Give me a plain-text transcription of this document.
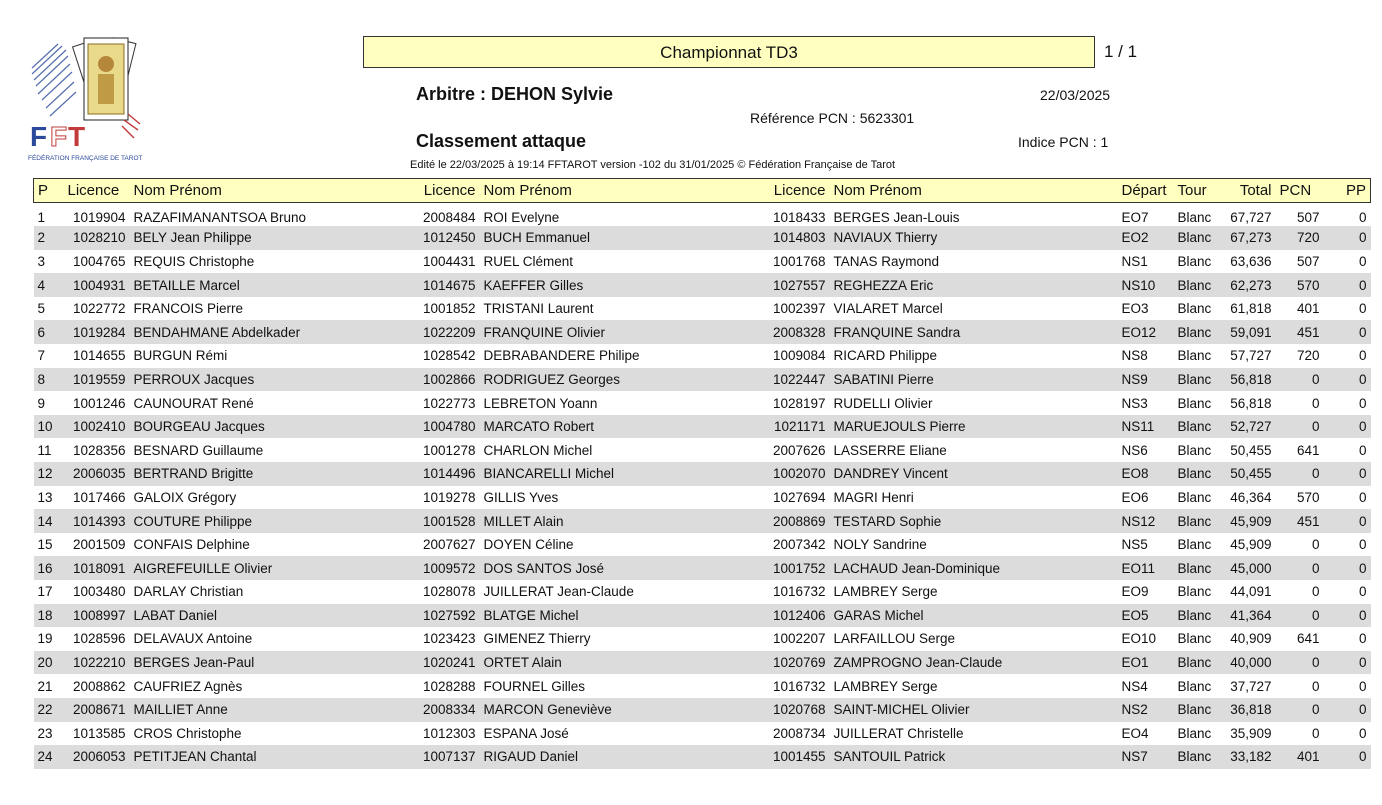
F F T
FÉDÉRATION FRANÇAISE DE TAROT
Championnat TD3	1 / 1
Arbitre : DEHON Sylvie	22/03/2025
Référence PCN : 5623301
Classement attaque	Indice PCN : 1
Edité le 22/03/2025 à 19:14 FFTAROT version -102 du 31/01/2025 © Fédération Française de Tarot
P	Licence	Nom Prénom	Licence	Nom Prénom	Licence	Nom Prénom	Départ	Tour	Total	PCN	PP
1	1019904	RAZAFIMANANTSOA Bruno	2008484	ROI Evelyne	1018433	BERGES Jean-Louis	EO7	Blanc	67,727	507	0
2	1028210	BELY Jean Philippe	1012450	BUCH Emmanuel	1014803	NAVIAUX Thierry	EO2	Blanc	67,273	720	0
3	1004765	REQUIS Christophe	1004431	RUEL Clément	1001768	TANAS Raymond	NS1	Blanc	63,636	507	0
4	1004931	BETAILLE Marcel	1014675	KAEFFER Gilles	1027557	REGHEZZA Eric	NS10	Blanc	62,273	570	0
5	1022772	FRANCOIS Pierre	1001852	TRISTANI Laurent	1002397	VIALARET Marcel	EO3	Blanc	61,818	401	0
6	1019284	BENDAHMANE Abdelkader	1022209	FRANQUINE Olivier	2008328	FRANQUINE Sandra	EO12	Blanc	59,091	451	0
7	1014655	BURGUN Rémi	1028542	DEBRABANDERE Philipe	1009084	RICARD Philippe	NS8	Blanc	57,727	720	0
8	1019559	PERROUX Jacques	1002866	RODRIGUEZ Georges	1022447	SABATINI Pierre	NS9	Blanc	56,818	0	0
9	1001246	CAUNOURAT René	1022773	LEBRETON Yoann	1028197	RUDELLI Olivier	NS3	Blanc	56,818	0	0
10	1002410	BOURGEAU Jacques	1004780	MARCATO Robert	1021171	MARUEJOULS Pierre	NS11	Blanc	52,727	0	0
11	1028356	BESNARD Guillaume	1001278	CHARLON Michel	2007626	LASSERRE Eliane	NS6	Blanc	50,455	641	0
12	2006035	BERTRAND Brigitte	1014496	BIANCARELLI Michel	1002070	DANDREY Vincent	EO8	Blanc	50,455	0	0
13	1017466	GALOIX Grégory	1019278	GILLIS Yves	1027694	MAGRI Henri	EO6	Blanc	46,364	570	0
14	1014393	COUTURE Philippe	1001528	MILLET Alain	2008869	TESTARD Sophie	NS12	Blanc	45,909	451	0
15	2001509	CONFAIS Delphine	2007627	DOYEN Céline	2007342	NOLY Sandrine	NS5	Blanc	45,909	0	0
16	1018091	AIGREFEUILLE Olivier	1009572	DOS SANTOS José	1001752	LACHAUD Jean-Dominique	EO11	Blanc	45,000	0	0
17	1003480	DARLAY Christian	1028078	JUILLERAT Jean-Claude	1016732	LAMBREY Serge	EO9	Blanc	44,091	0	0
18	1008997	LABAT Daniel	1027592	BLATGE Michel	1012406	GARAS Michel	EO5	Blanc	41,364	0	0
19	1028596	DELAVAUX Antoine	1023423	GIMENEZ Thierry	1002207	LARFAILLOU Serge	EO10	Blanc	40,909	641	0
20	1022210	BERGES Jean-Paul	1020241	ORTET Alain	1020769	ZAMPROGNO Jean-Claude	EO1	Blanc	40,000	0	0
21	2008862	CAUFRIEZ Agnès	1028288	FOURNEL Gilles	1016732	LAMBREY Serge	NS4	Blanc	37,727	0	0
22	2008671	MAILLIET Anne	2008334	MARCON Geneviève	1020768	SAINT-MICHEL Olivier	NS2	Blanc	36,818	0	0
23	1013585	CROS Christophe	1012303	ESPANA José	2008734	JUILLERAT Christelle	EO4	Blanc	35,909	0	0
24	2006053	PETITJEAN Chantal	1007137	RIGAUD Daniel	1001455	SANTOUIL Patrick	NS7	Blanc	33,182	401	0
